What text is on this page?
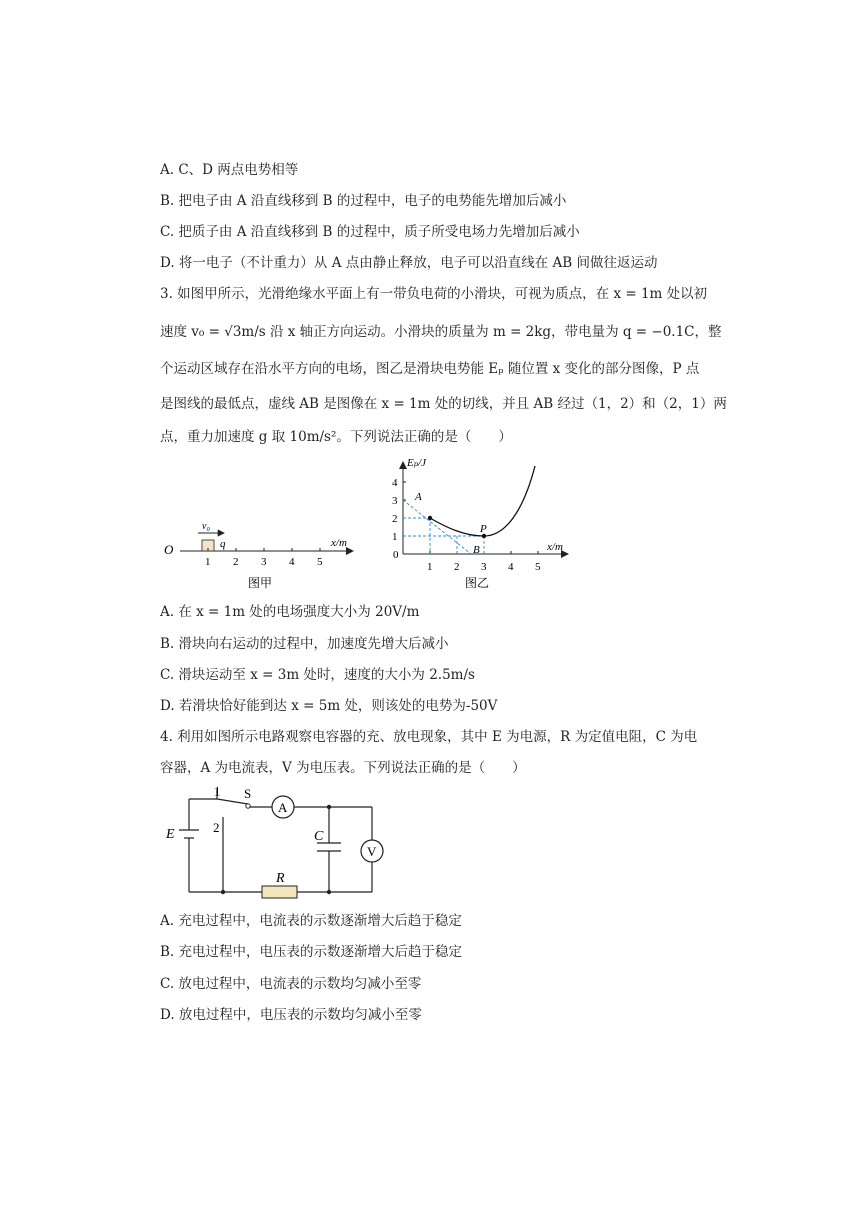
A. C、D 两点电势相等
B. 把电子由 A 沿直线移到 B 的过程中，电子的电势能先增加后减小
C. 把质子由 A 沿直线移到 B 的过程中，质子所受电场力先增加后减小
D. 将一电子（不计重力）从 A 点由静止释放，电子可以沿直线在 AB 间做往返运动
3. 如图甲所示，光滑绝缘水平面上有一带负电荷的小滑块，可视为质点，在 x = 1m 处以初
速度 v₀ = √3m/s 沿 x 轴正方向运动。小滑块的质量为 m = 2kg，带电量为 q = −0.1C，整
个运动区域存在沿水平方向的电场，图乙是滑块电势能 Eₚ 随位置 x 变化的部分图像，P 点
是图线的最低点，虚线 AB 是图像在 x = 1m 处的切线，并且 AB 经过（1，2）和（2，1）两
点，重力加速度 g 取 10m/s²。下列说法正确的是（　　）
O
v₀
q
1 2 3 4 5
x/m
图甲
Eₚ/J
x/m
0
1
2
3
4
1 2 3 4 5
A
P
B
图乙
A. 在 x = 1m 处的电场强度大小为 20V/m
B. 滑块向右运动的过程中，加速度先增大后减小
C. 滑块运动至 x = 3m 处时，速度的大小为 2.5m/s
D. 若滑块恰好能到达 x = 5m 处，则该处的电势为-50V
4. 利用如图所示电路观察电容器的充、放电现象，其中 E 为电源，R 为定值电阻，C 为电
容器，A 为电流表，V 为电压表。下列说法正确的是（　　）
A
V
E
S
1
2
C
R
A. 充电过程中，电流表的示数逐渐增大后趋于稳定
B. 充电过程中，电压表的示数逐渐增大后趋于稳定
C. 放电过程中，电流表的示数均匀减小至零
D. 放电过程中，电压表的示数均匀减小至零
